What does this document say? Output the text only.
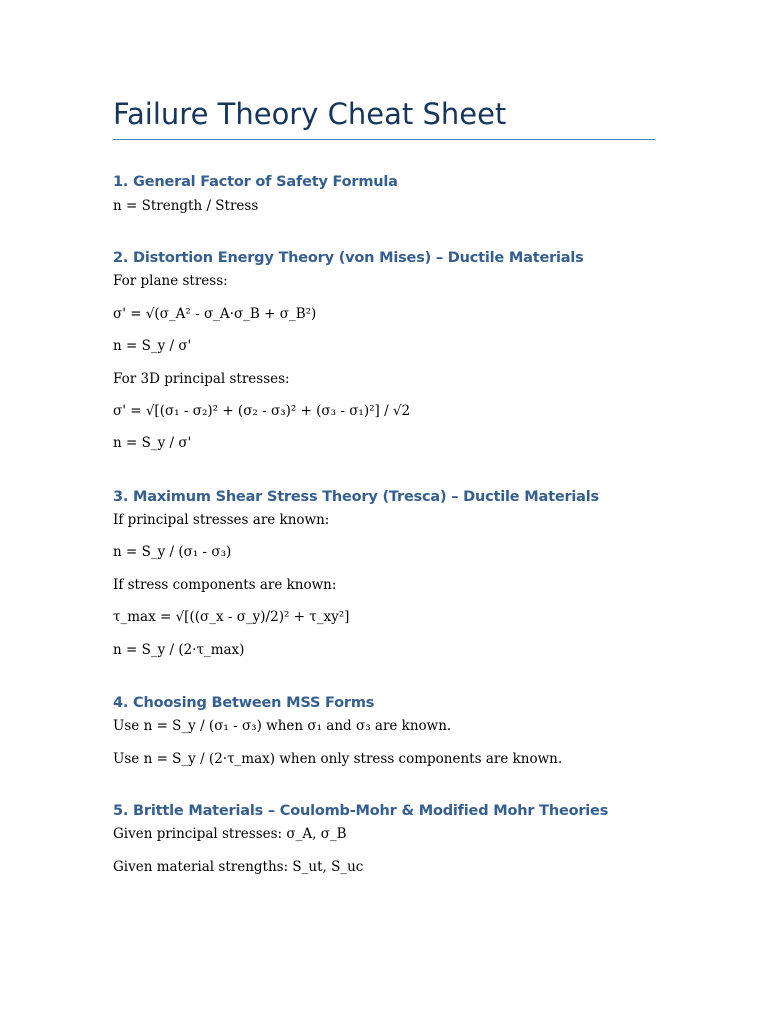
Failure Theory Cheat Sheet
1. General Factor of Safety Formula

n = Strength / Stress

2. Distortion Energy Theory (von Mises) – Ductile Materials

For plane stress:

σ' = √(σ_A² - σ_A·σ_B + σ_B²)

n = S_y / σ'

For 3D principal stresses:

σ' = √[(σ₁ - σ₂)² + (σ₂ - σ₃)² + (σ₃ - σ₁)²] / √2

n = S_y / σ'

3. Maximum Shear Stress Theory (Tresca) – Ductile Materials

If principal stresses are known:

n = S_y / (σ₁ - σ₃)

If stress components are known:

τ_max = √[((σ_x - σ_y)/2)² + τ_xy²]

n = S_y / (2·τ_max)

4. Choosing Between MSS Forms

Use n = S_y / (σ₁ - σ₃) when σ₁ and σ₃ are known.

Use n = S_y / (2·τ_max) when only stress components are known.

5. Brittle Materials – Coulomb-Mohr & Modified Mohr Theories

Given principal stresses: σ_A, σ_B

Given material strengths: S_ut, S_uc
